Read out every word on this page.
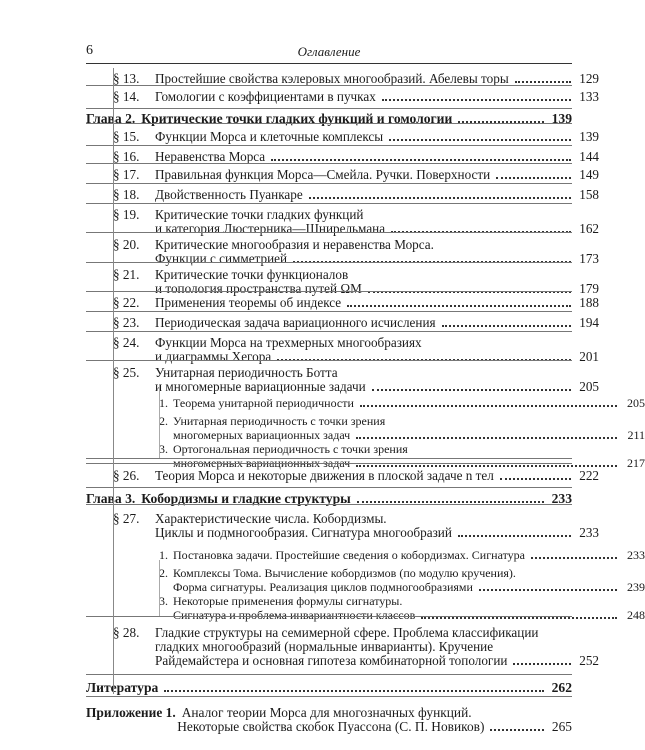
6	Оглавление
§ 13.	Простейшие свойства кэлеровых многообразий. Абелевы торы	129
§ 14.	Гомологии с коэффициентами в пучках	133
Глава 2. Критические точки гладких функций и гомологии	139
§ 15.	Функции Морса и клеточные комплексы	139
§ 16.	Неравенства Морса	144
§ 17.	Правильная функция Морса—Смейла. Ручки. Поверхности	149
§ 18.	Двойственность Пуанкаре	158
§ 19.	Критические точки гладких функций
и категория Люстерника—Шнирельмана	162
§ 20.	Критические многообразия и неравенства Морса.
Функции с симметрией	173
§ 21.	Критические точки функционалов
и топология пространства путей ΩM	179
§ 22.	Применения теоремы об индексе	188
§ 23.	Периодическая задача вариационного исчисления	194
§ 24.	Функции Морса на трехмерных многообразиях
и диаграммы Хегора	201
§ 25.	Унитарная периодичность Ботта
и многомерные вариационные задачи	205
1. Теорема унитарной периодичности	205
2. Унитарная периодичность с точки зрения
многомерных вариационных задач	211
3. Ортогональная периодичность с точки зрения
многомерных вариационных задач	217
§ 26.	Теория Морса и некоторые движения в плоской задаче n тел	222
Глава 3. Кобордизмы и гладкие структуры	233
§ 27.	Характеристические числа. Кобордизмы.
Циклы и подмногообразия. Сигнатура многообразий	233
1. Постановка задачи. Простейшие сведения о кобордизмах. Сигнатура	233
2. Комплексы Тома. Вычисление кобордизмов (по модулю кручения).
Форма сигнатуры. Реализация циклов подмногообразиями	239
3. Некоторые применения формулы сигнатуры.
Сигнатура и проблема инвариантности классов	248
§ 28.	Гладкие структуры на семимерной сфере. Проблема классификации
гладких многообразий (нормальные инварианты). Кручение
Райдемайстера и основная гипотеза комбинаторной топологии	252
Литература	262
Приложение 1. Аналог теории Морса для многозначных функций.
Некоторые свойства скобок Пуассона (С. П. Новиков)	265
